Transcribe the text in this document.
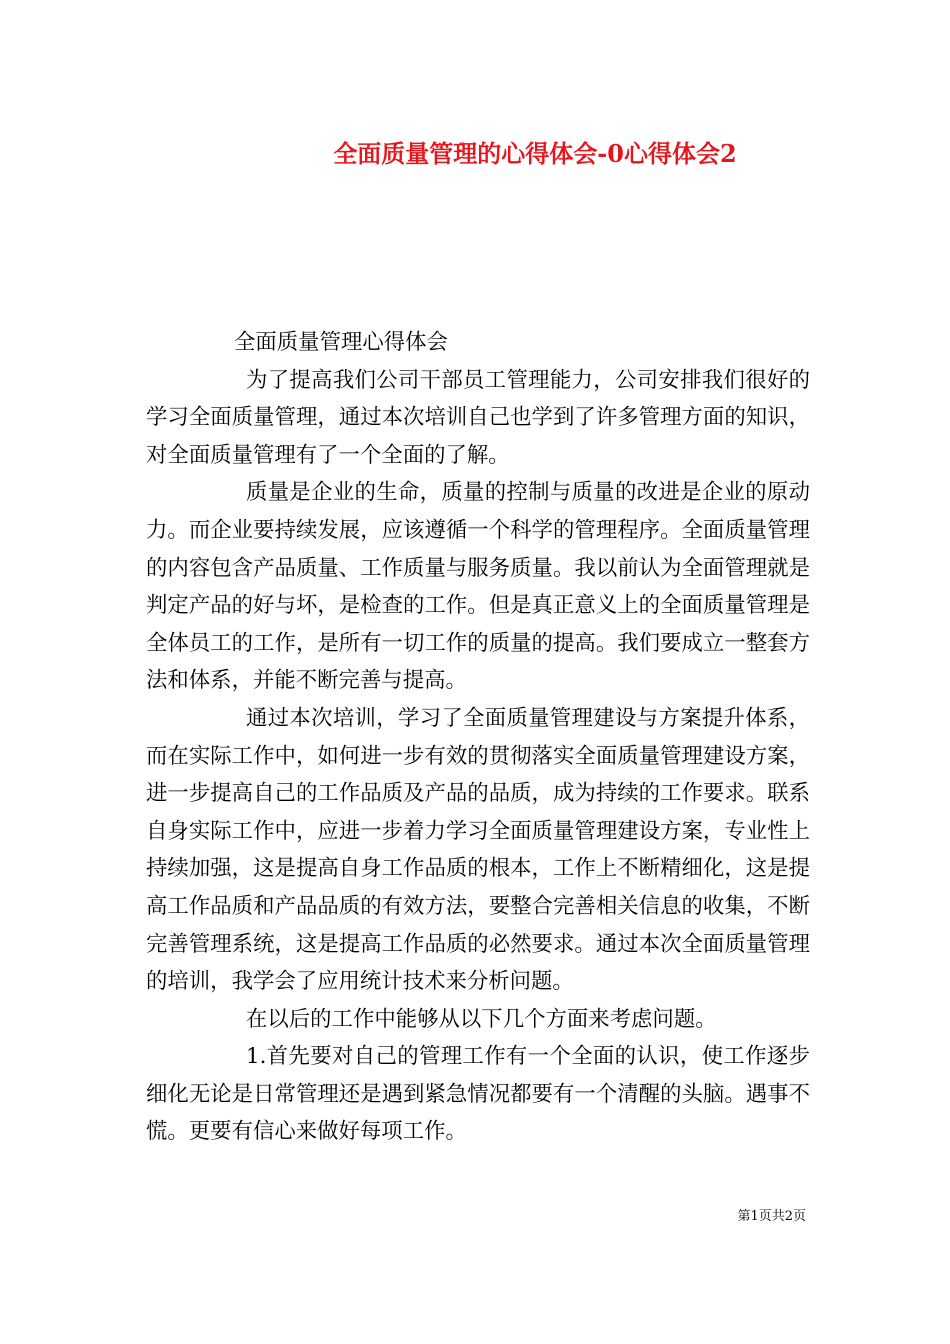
全面质量管理的心得体会-0心得体会2

全面质量管理心得体会

为了提高我们公司干部员工管理能力，公司安排我们很好的学习全面质量管理，通过本次培训自己也学到了许多管理方面的知识，对全面质量管理有了一个全面的了解。

质量是企业的生命，质量的控制与质量的改进是企业的原动力。而企业要持续发展，应该遵循一个科学的管理程序。全面质量管理的内容包含产品质量、工作质量与服务质量。我以前认为全面管理就是判定产品的好与坏，是检查的工作。但是真正意义上的全面质量管理是全体员工的工作，是所有一切工作的质量的提高。我们要成立一整套方法和体系，并能不断完善与提高。

通过本次培训，学习了全面质量管理建设与方案提升体系，而在实际工作中，如何进一步有效的贯彻落实全面质量管理建设方案，进一步提高自己的工作品质及产品的品质，成为持续的工作要求。联系自身实际工作中，应进一步着力学习全面质量管理建设方案，专业性上持续加强，这是提高自身工作品质的根本，工作上不断精细化，这是提高工作品质和产品品质的有效方法，要整合完善相关信息的收集，不断完善管理系统，这是提高工作品质的必然要求。通过本次全面质量管理的培训，我学会了应用统计技术来分析问题。

在以后的工作中能够从以下几个方面来考虑问题。

1.首先要对自己的管理工作有一个全面的认识，使工作逐步细化无论是日常管理还是遇到紧急情况都要有一个清醒的头脑。遇事不慌。更要有信心来做好每项工作。

第1页共2页
